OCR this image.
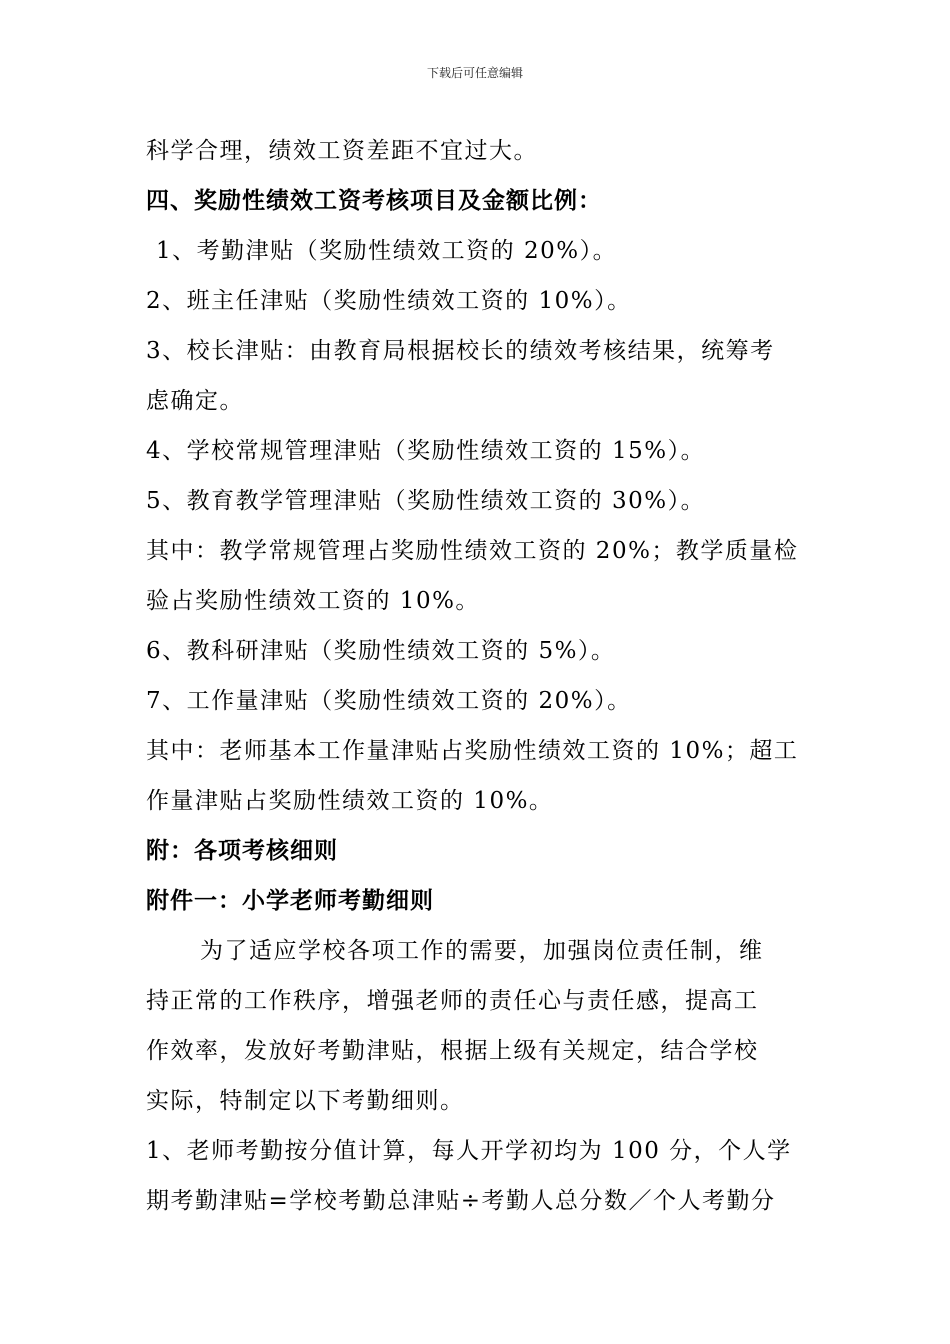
下载后可任意编辑
科学合理，绩效工资差距不宜过大。
四、奖励性绩效工资考核项目及金额比例：
1、考勤津贴（奖励性绩效工资的 20%）。
2、班主任津贴（奖励性绩效工资的 10%）。
3、校长津贴：由教育局根据校长的绩效考核结果，统筹考
虑确定。
4、学校常规管理津贴（奖励性绩效工资的 15%）。
5、教育教学管理津贴（奖励性绩效工资的 30%）。
其中：教学常规管理占奖励性绩效工资的 20%；教学质量检
验占奖励性绩效工资的 10%。
6、教科研津贴（奖励性绩效工资的 5%）。
7、工作量津贴（奖励性绩效工资的 20%）。
其中：老师基本工作量津贴占奖励性绩效工资的 10%；超工
作量津贴占奖励性绩效工资的 10%。
附：各项考核细则
附件一：小学老师考勤细则
为了适应学校各项工作的需要，加强岗位责任制，维
持正常的工作秩序，增强老师的责任心与责任感，提高工
作效率，发放好考勤津贴，根据上级有关规定，结合学校
实际，特制定以下考勤细则。
1、老师考勤按分值计算，每人开学初均为 100 分，个人学
期考勤津贴=学校考勤总津贴÷考勤人总分数／个人考勤分
